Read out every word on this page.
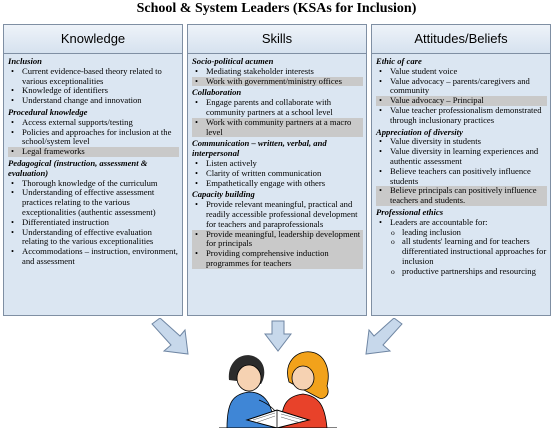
School & System Leaders (KSAs for Inclusion)
Knowledge
Inclusion
• Current evidence-based theory related to various exceptionalities
• Knowledge of identifiers
• Understand change and innovation
Procedural knowledge
• Access external supports/testing
• Policies and approaches for inclusion at the school/system level
• Legal frameworks
Pedagogical (instruction, assessment & evaluation)
• Thorough knowledge of the curriculum
• Understanding of effective assessment practices relating to the various exceptionalities (authentic assessment)
• Differentiated instruction
• Understanding of effective evaluation relating to the various exceptionalities
• Accommodations – instruction, environment, and assessment
Skills
Socio-political acumen
• Mediating stakeholder interests
• Work with government/ministry offices
Collaboration
• Engage parents and collaborate with community partners at a school level
• Work with community partners at a macro level
Communication – written, verbal, and interpersonal
• Listen actively
• Clarity of written communication
• Empathetically engage with others
Capacity building
• Provide relevant meaningful, practical and readily accessible professional development for teachers and paraprofessionals
• Provide meaningful, leadership development for principals
• Providing comprehensive induction programmes for teachers
Attitudes/Beliefs
Ethic of care
• Value student voice
• Value advocacy – parents/caregivers and community
• Value advocacy – Principal
• Value teacher professionalism demonstrated through inclusionary practices
Appreciation of diversity
• Value diversity in students
• Value diversity in learning experiences and authentic assessment
• Believe teachers can positively influence students
• Believe principals can positively influence teachers and students.
Professional ethics
• Leaders are accountable for:
o leading inclusion
o all students' learning and for teachers differentiated instructional approaches for inclusion
o productive partnerships and resourcing
